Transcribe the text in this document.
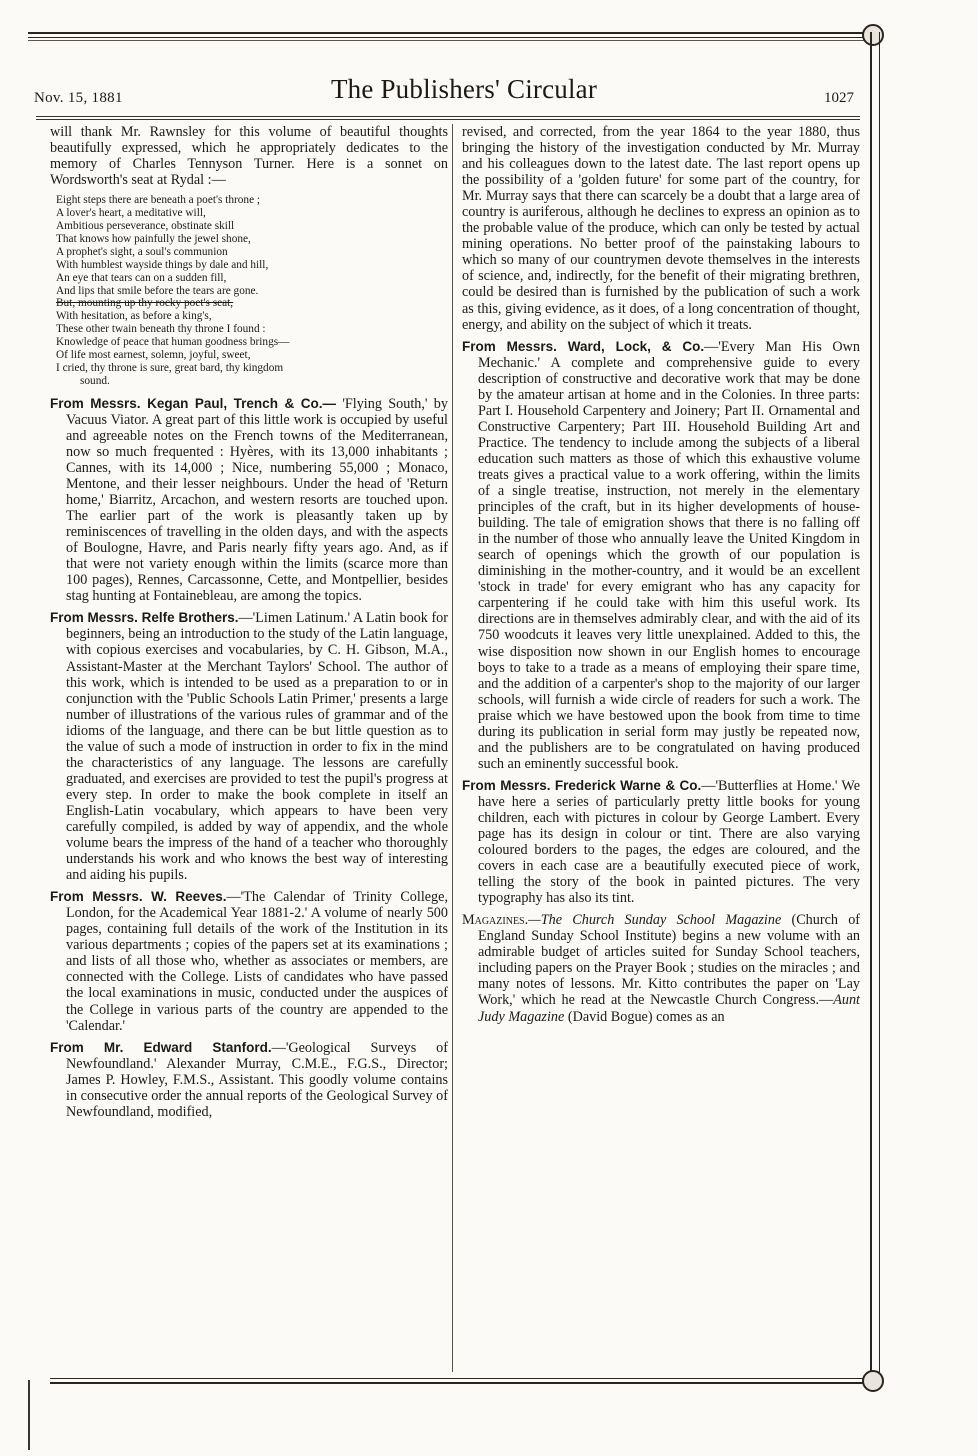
Nov. 15, 1881	The Publishers' Circular	1027

will thank Mr. Rawnsley for this volume of beautiful thoughts beautifully expressed, which he appropriately dedicates to the memory of Charles Tennyson Turner. Here is a sonnet on Wordsworth's seat at Rydal :—

Eight steps there are beneath a poet's throne ;
A lover's heart, a meditative will,
Ambitious perseverance, obstinate skill
That knows how painfully the jewel shone,
A prophet's sight, a soul's communion
With humblest wayside things by dale and hill,
An eye that tears can on a sudden fill,
And lips that smile before the tears are gone.
But, mounting up thy rocky poet's seat,
With hesitation, as before a king's,
These other twain beneath thy throne I found :
Knowledge of peace that human goodness brings—
Of life most earnest, solemn, joyful, sweet,
I cried, thy throne is sure, great bard, thy kingdom
sound.

From Messrs. Kegan Paul, Trench & Co.— 'Flying South,' by Vacuus Viator. A great part of this little work is occupied by useful and agreeable notes on the French towns of the Mediterranean, now so much frequented : Hyères, with its 13,000 inhabitants ; Cannes, with its 14,000 ; Nice, numbering 55,000 ; Monaco, Mentone, and their lesser neighbours. Under the head of 'Return home,' Biarritz, Arcachon, and western resorts are touched upon. The earlier part of the work is pleasantly taken up by reminiscences of travelling in the olden days, and with the aspects of Boulogne, Havre, and Paris nearly fifty years ago. And, as if that were not variety enough within the limits (scarce more than 100 pages), Rennes, Carcassonne, Cette, and Montpellier, besides stag hunting at Fontainebleau, are among the topics.

From Messrs. Relfe Brothers.—'Limen Latinum.' A Latin book for beginners, being an introduction to the study of the Latin language, with copious exercises and vocabularies, by C. H. Gibson, M.A., Assistant-Master at the Merchant Taylors' School. The author of this work, which is intended to be used as a preparation to or in conjunction with the 'Public Schools Latin Primer,' presents a large number of illustrations of the various rules of grammar and of the idioms of the language, and there can be but little question as to the value of such a mode of instruction in order to fix in the mind the characteristics of any language. The lessons are carefully graduated, and exercises are provided to test the pupil's progress at every step. In order to make the book complete in itself an English-Latin vocabulary, which appears to have been very carefully compiled, is added by way of appendix, and the whole volume bears the impress of the hand of a teacher who thoroughly understands his work and who knows the best way of interesting and aiding his pupils.

From Messrs. W. Reeves.—'The Calendar of Trinity College, London, for the Academical Year 1881-2.' A volume of nearly 500 pages, containing full details of the work of the Institution in its various departments ; copies of the papers set at its examinations ; and lists of all those who, whether as associates or members, are connected with the College. Lists of candidates who have passed the local examinations in music, conducted under the auspices of the College in various parts of the country are appended to the 'Calendar.'

From Mr. Edward Stanford.—'Geological Surveys of Newfoundland.' Alexander Murray, C.M.E., F.G.S., Director; James P. Howley, F.M.S., Assistant. This goodly volume contains in consecutive order the annual reports of the Geological Survey of Newfoundland, modified,

revised, and corrected, from the year 1864 to the year 1880, thus bringing the history of the investigation conducted by Mr. Murray and his colleagues down to the latest date. The last report opens up the possibility of a 'golden future' for some part of the country, for Mr. Murray says that there can scarcely be a doubt that a large area of country is auriferous, although he declines to express an opinion as to the probable value of the produce, which can only be tested by actual mining operations. No better proof of the painstaking labours to which so many of our countrymen devote themselves in the interests of science, and, indirectly, for the benefit of their migrating brethren, could be desired than is furnished by the publication of such a work as this, giving evidence, as it does, of a long concentration of thought, energy, and ability on the subject of which it treats.

From Messrs. Ward, Lock, & Co.—'Every Man His Own Mechanic.' A complete and comprehensive guide to every description of constructive and decorative work that may be done by the amateur artisan at home and in the Colonies. In three parts: Part I. Household Carpentery and Joinery; Part II. Ornamental and Constructive Carpentery; Part III. Household Building Art and Practice. The tendency to include among the subjects of a liberal education such matters as those of which this exhaustive volume treats gives a practical value to a work offering, within the limits of a single treatise, instruction, not merely in the elementary principles of the craft, but in its higher developments of house-building. The tale of emigration shows that there is no falling off in the number of those who annually leave the United Kingdom in search of openings which the growth of our population is diminishing in the mother-country, and it would be an excellent 'stock in trade' for every emigrant who has any capacity for carpentering if he could take with him this useful work. Its directions are in themselves admirably clear, and with the aid of its 750 woodcuts it leaves very little unexplained. Added to this, the wise disposition now shown in our English homes to encourage boys to take to a trade as a means of employing their spare time, and the addition of a carpenter's shop to the majority of our larger schools, will furnish a wide circle of readers for such a work. The praise which we have bestowed upon the book from time to time during its publication in serial form may justly be repeated now, and the publishers are to be congratulated on having produced such an eminently successful book.

From Messrs. Frederick Warne & Co.—'Butterflies at Home.' We have here a series of particularly pretty little books for young children, each with pictures in colour by George Lambert. Every page has its design in colour or tint. There are also varying coloured borders to the pages, the edges are coloured, and the covers in each case are a beautifully executed piece of work, telling the story of the book in painted pictures. The very typography has also its tint.

Magazines.—The Church Sunday School Magazine (Church of England Sunday School Institute) begins a new volume with an admirable budget of articles suited for Sunday School teachers, including papers on the Prayer Book ; studies on the miracles ; and many notes of lessons. Mr. Kitto contributes the paper on 'Lay Work,' which he read at the Newcastle Church Congress.—Aunt Judy Magazine (David Bogue) comes as an
